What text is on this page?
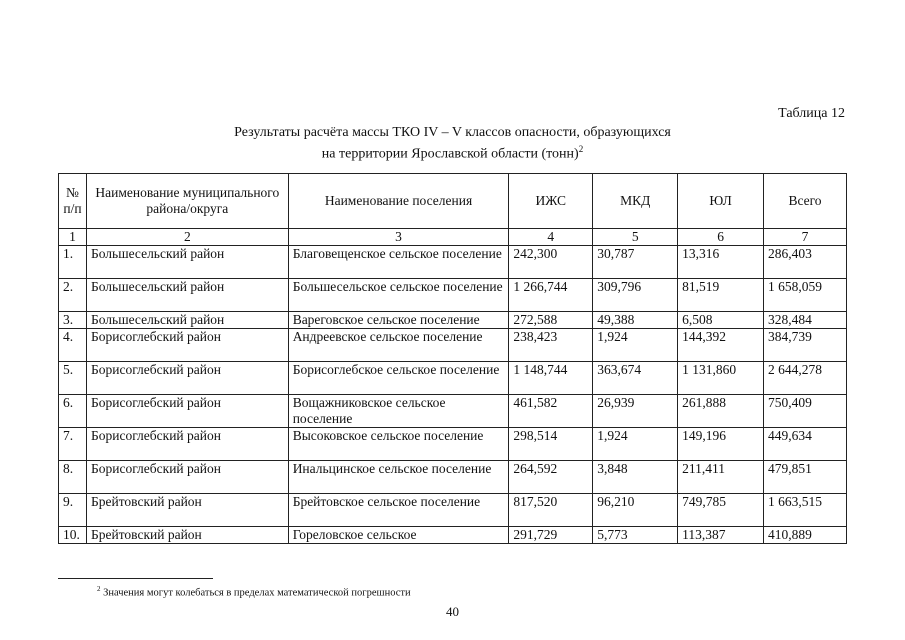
Таблица 12
Результаты расчёта массы ТКО IV – V классов опасности, образующихся
на территории Ярославской области (тонн)$^2$
№ п/п	Наименование муниципального района/округа	Наименование поселения	ИЖС	МКД	ЮЛ	Всего
1	2	3	4	5	6	7
1.	Большесельский район	Благовещенское сельское поселение	242,300	30,787	13,316	286,403
2.	Большесельский район	Большесельское сельское поселение	1 266,744	309,796	81,519	1 658,059
3.	Большесельский район	Вареговское сельское поселение	272,588	49,388	6,508	328,484
4.	Борисоглебский район	Андреевское сельское поселение	238,423	1,924	144,392	384,739
5.	Борисоглебский район	Борисоглебское сельское поселение	1 148,744	363,674	1 131,860	2 644,278
6.	Борисоглебский район	Вощажниковское сельское поселение	461,582	26,939	261,888	750,409
7.	Борисоглебский район	Высоковское сельское поселение	298,514	1,924	149,196	449,634
8.	Борисоглебский район	Инальцинское сельское поселение	264,592	3,848	211,411	479,851
9.	Брейтовский район	Брейтовское сельское поселение	817,520	96,210	749,785	1 663,515
10.	Брейтовский район	Гореловское сельское	291,729	5,773	113,387	410,889
$^2$ Значения могут колебаться в пределах математической погрешности
40
